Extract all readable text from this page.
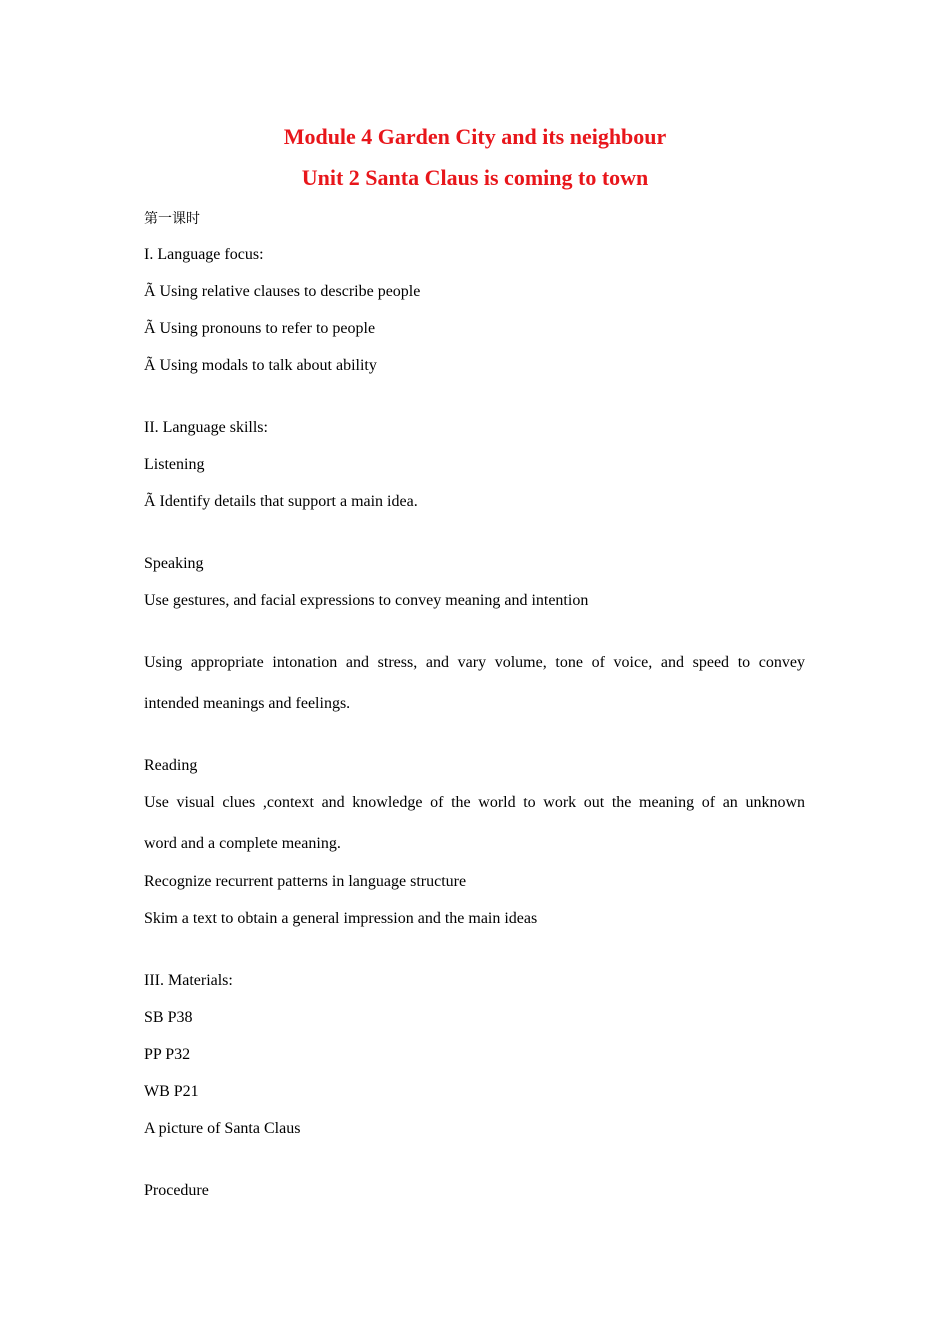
Module 4 Garden City and its neighbour
Unit 2 Santa Claus is coming to town
第一课时
I. Language focus:
Ã Using relative clauses to describe people
Ã Using pronouns to refer to people
Ã Using modals to talk about ability
II. Language skills:
Listening
Ã Identify details that support a main idea.
Speaking
Use gestures, and facial expressions to convey meaning and intention
Using appropriate intonation and stress, and vary volume, tone of voice, and speed to convey
intended meanings and feelings.
Reading
Use visual clues ,context and knowledge of the world to work out the meaning of an unknown
word and a complete meaning.
Recognize recurrent patterns in language structure
Skim a text to obtain a general impression and the main ideas
III. Materials:
SB P38
PP P32
WB P21
A picture of Santa Claus
Procedure
